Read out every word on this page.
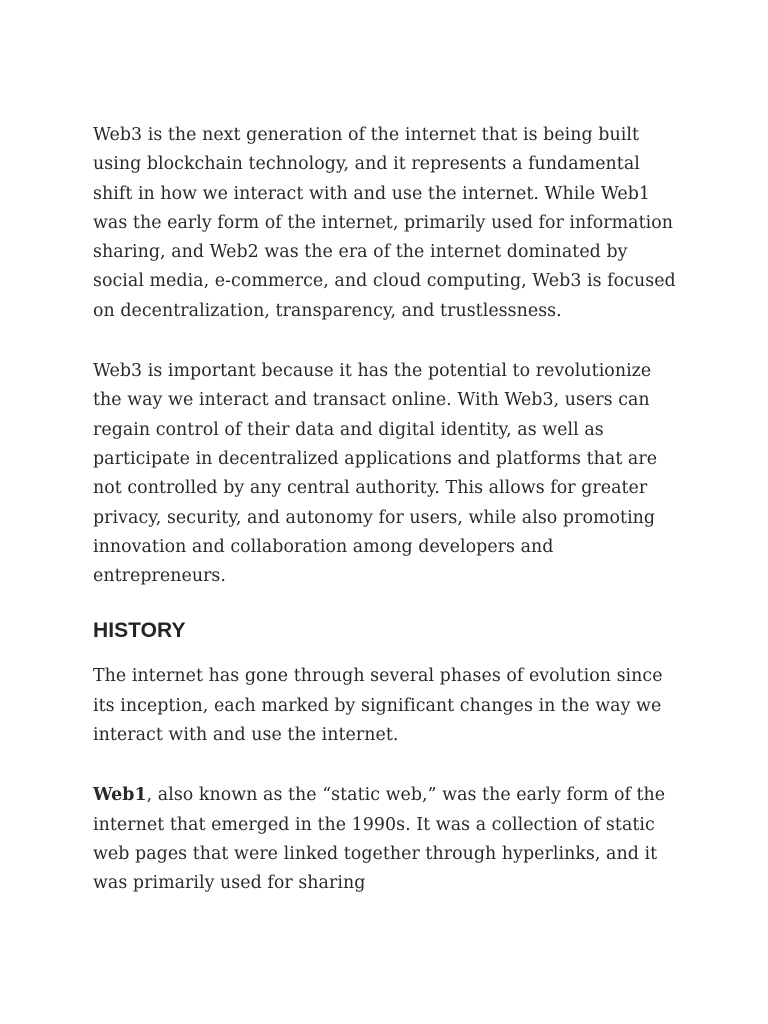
Web3 is the next generation of the internet that is being built using blockchain technology, and it represents a fundamental shift in how we interact with and use the internet. While Web1 was the early form of the internet, primarily used for information sharing, and Web2 was the era of the internet dominated by social media, e-commerce, and cloud computing, Web3 is focused on decentralization, transparency, and trustlessness.

Web3 is important because it has the potential to revolutionize the way we interact and transact online. With Web3, users can regain control of their data and digital identity, as well as participate in decentralized applications and platforms that are not controlled by any central authority. This allows for greater privacy, security, and autonomy for users, while also promoting innovation and collaboration among developers and entrepreneurs.

HISTORY

The internet has gone through several phases of evolution since its inception, each marked by significant changes in the way we interact with and use the internet.

Web1, also known as the “static web,” was the early form of the internet that emerged in the 1990s. It was a collection of static web pages that were linked together through hyperlinks, and it was primarily used for sharing
